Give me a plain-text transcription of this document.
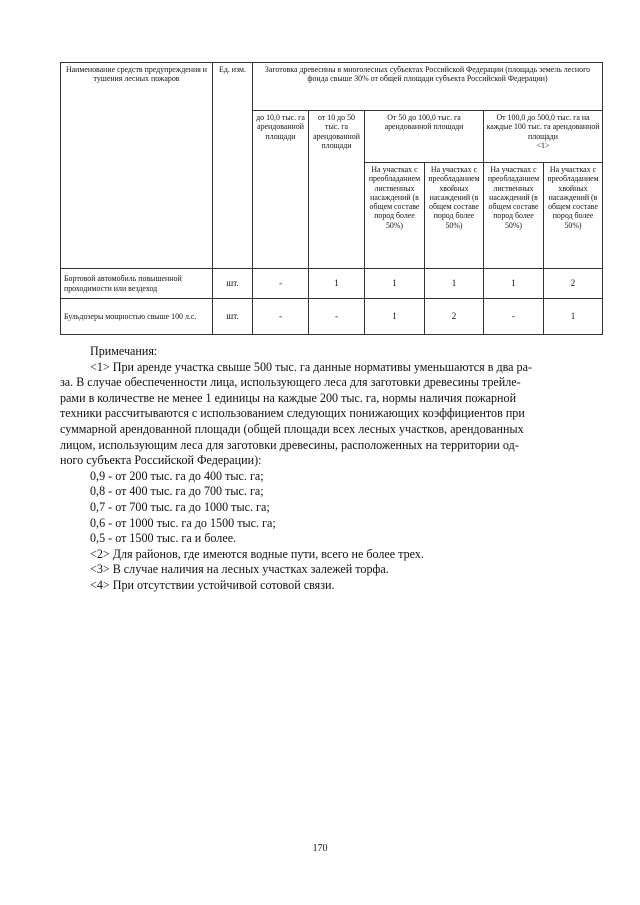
Наименование средств предупреждения и тушения лесных пожаров	Ед. изм.	Заготовка древесины в многолесных субъектах Российской Федерации (площадь земель лесного фонда свыше 30% от общей площади субъекта Российской Федерации)					
		до 10,0 тыс. га арендованной площади	от 10 до 50 тыс. га арендованной площади	От 50 до 100,0 тыс. га арендованной площади		От 100,0 до 500,0 тыс. га на каждые 100 тыс. га арендованной площади
<1>	

				На участках с преобладанием лиственных насаждений (в общем составе пород более 50%)	На участках с преобладанием хвойных насаждений (в общем составе пород более 50%)	На участках с преобладанием лиственных насаждений (в общем составе пород более 50%)	На участках с преобладанием хвойных насаждений (в общем составе пород более 50%)
Бортовой автомобиль повышенной проходимости или вездеход	шт.	-	1	1	1	1	2
Бульдозеры мощностью свыше 100 л.с.	шт.	-	-	1	2	-	1
Примечания:
<1> При аренде участка свыше 500 тыс. га данные нормативы уменьшаются в два ра-
за. В случае обеспеченности лица, использующего леса для заготовки древесины трейле-
рами в количестве не менее 1 единицы на каждые 200 тыс. га, нормы наличия пожарной
техники рассчитываются с использованием следующих понижающих коэффициентов при
суммарной арендованной площади (общей площади всех лесных участков, арендованных
лицом, использующим леса для заготовки древесины, расположенных на территории од-
ного субъекта Российской Федерации):
0,9 - от 200 тыс. га до 400 тыс. га;
0,8 - от 400 тыс. га до 700 тыс. га;
0,7 - от 700 тыс. га до 1000 тыс. га;
0,6 - от 1000 тыс. га до 1500 тыс. га;
0,5 - от 1500 тыс. га и более.
<2> Для районов, где имеются водные пути, всего не более трех.
<3> В случае наличия на лесных участках залежей торфа.
<4> При отсутствии устойчивой сотовой связи.
170
